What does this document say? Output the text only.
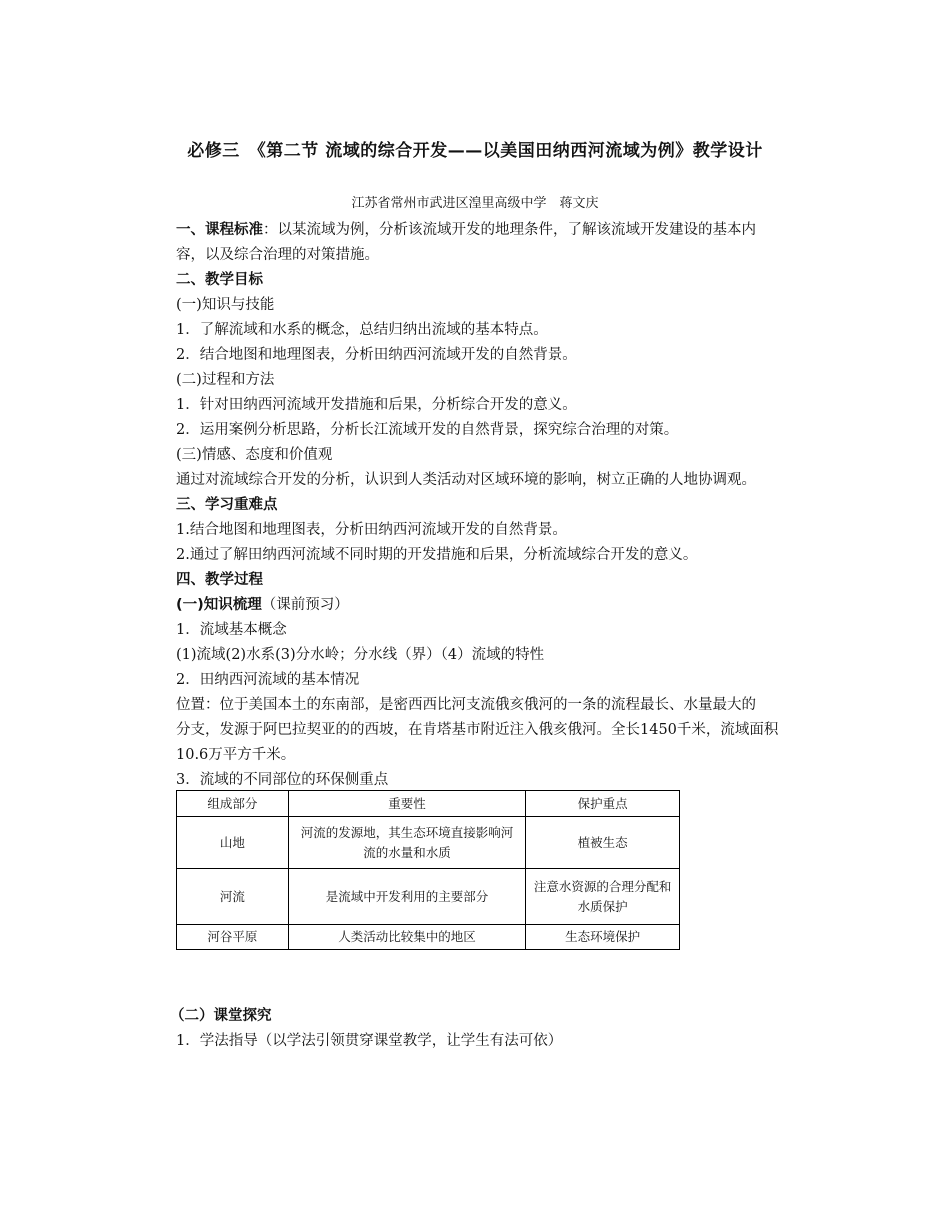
必修三　《第二节 流域的综合开发——以美国田纳西河流域为例》教学设计
江苏省常州市武进区湟里高级中学　蒋文庆
一、课程标准：以某流域为例，分析该流域开发的地理条件，了解该流域开发建设的基本内
容，以及综合治理的对策措施。
二、教学目标
(一)知识与技能
1．了解流域和水系的概念，总结归纳出流域的基本特点。
2．结合地图和地理图表，分析田纳西河流域开发的自然背景。
(二)过程和方法
1．针对田纳西河流域开发措施和后果，分析综合开发的意义。
2．运用案例分析思路，分析长江流域开发的自然背景，探究综合治理的对策。
(三)情感、态度和价值观
通过对流域综合开发的分析，认识到人类活动对区域环境的影响，树立正确的人地协调观。
三、学习重难点
1.结合地图和地理图表，分析田纳西河流域开发的自然背景。
2.通过了解田纳西河流域不同时期的开发措施和后果，分析流域综合开发的意义。
四、教学过程
(一)知识梳理（课前预习）
1．流域基本概念
(1)流域(2)水系(3)分水岭；分水线（界）（4）流域的特性
2．田纳西河流域的基本情况
位置：位于美国本土的东南部，是密西西比河支流俄亥俄河的一条的流程最长、水量最大的
分支，发源于阿巴拉契亚的的西坡，在肯塔基市附近注入俄亥俄河。全长1450千米，流域面积
10.6万平方千米。
3．流域的不同部位的环保侧重点
组成部分	重要性	保护重点
山地	河流的发源地，其生态环境直接影响河流的水量和水质	植被生态
河流	是流域中开发利用的主要部分	注意水资源的合理分配和水质保护
河谷平原	人类活动比较集中的地区	生态环境保护
（二）课堂探究
1．学法指导（以学法引领贯穿课堂教学，让学生有法可依）
